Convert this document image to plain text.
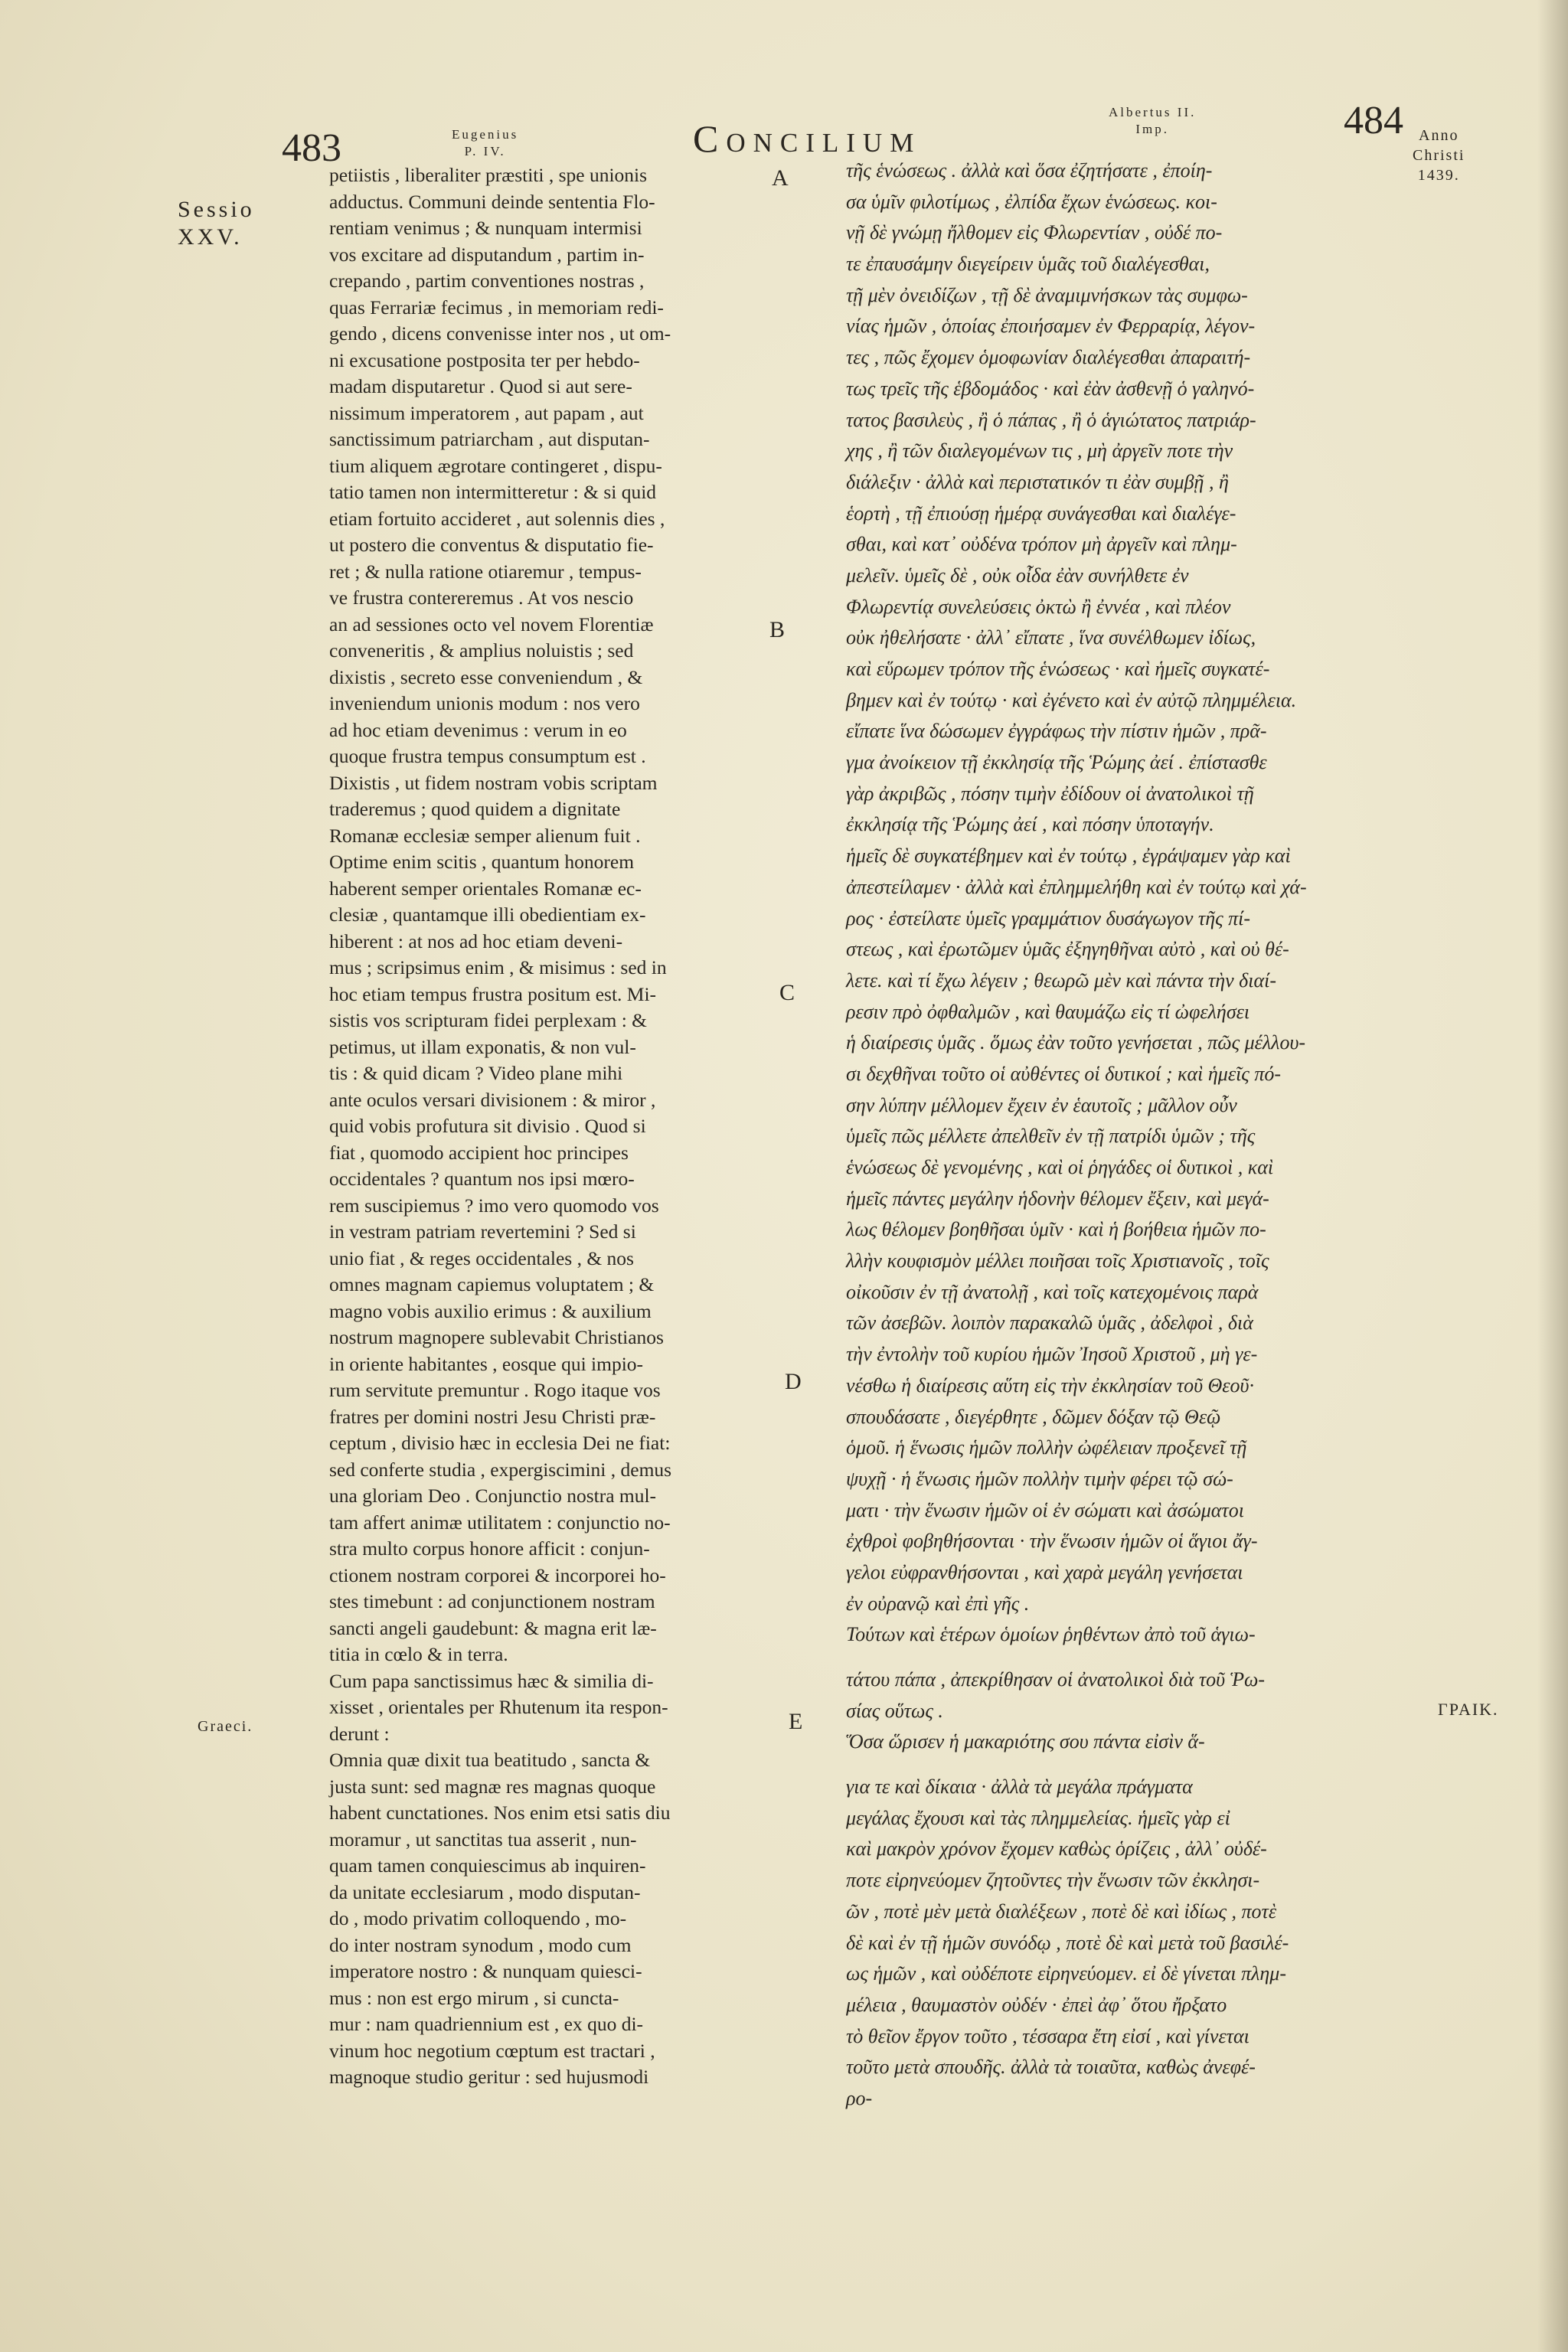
483	Eugenius
P. IV.	Concilium
Albertus II.
Imp.	484
Sessio
XXV.
Anno
Christi
1439.
Graeci.
ΓΡΑΙΚ.
A
B
C
D
E

petiistis , liberaliter præstiti , spe unionis

adductus. Communi deinde sententia Flo-

rentiam venimus ; & nunquam intermisi

vos excitare ad disputandum , partim in-

crepando , partim conventiones nostras ,

quas Ferrariæ fecimus , in memoriam redi-

gendo , dicens convenisse inter nos , ut om-

ni excusatione postposita ter per hebdo-

madam disputaretur . Quod si aut sere-

nissimum imperatorem , aut papam , aut

sanctissimum patriarcham , aut disputan-

tium aliquem ægrotare contingeret , dispu-

tatio tamen non intermitteretur : & si quid

etiam fortuito accideret , aut solennis dies ,

ut postero die conventus & disputatio fie-

ret ; & nulla ratione otiaremur , tempus-

ve frustra contereremus . At vos nescio

an ad sessiones octo vel novem Florentiæ

conveneritis , & amplius noluistis ; sed

dixistis , secreto esse conveniendum , &

inveniendum unionis modum : nos vero

ad hoc etiam devenimus : verum in eo

quoque frustra tempus consumptum est .

Dixistis , ut fidem nostram vobis scriptam

traderemus ; quod quidem a dignitate

Romanæ ecclesiæ semper alienum fuit .

Optime enim scitis , quantum honorem

haberent semper orientales Romanæ ec-

clesiæ , quantamque illi obedientiam ex-

hiberent : at nos ad hoc etiam deveni-

mus ; scripsimus enim , & misimus : sed in

hoc etiam tempus frustra positum est. Mi-

sistis vos scripturam fidei perplexam : &

petimus, ut illam exponatis, & non vul-

tis : & quid dicam ? Video plane mihi

ante oculos versari divisionem : & miror ,

quid vobis profutura sit divisio . Quod si

fiat , quomodo accipient hoc principes

occidentales ? quantum nos ipsi mœro-

rem suscipiemus ? imo vero quomodo vos

in vestram patriam revertemini ? Sed si

unio fiat , & reges occidentales , & nos

omnes magnam capiemus voluptatem ; &

magno vobis auxilio erimus : & auxilium

nostrum magnopere sublevabit Christianos

in oriente habitantes , eosque qui impio-

rum servitute premuntur . Rogo itaque vos

fratres per domini nostri Jesu Christi præ-

ceptum , divisio hæc in ecclesia Dei ne fiat:

sed conferte studia , expergiscimini , demus

una gloriam Deo . Conjunctio nostra mul-

tam affert animæ utilitatem : conjunctio no-

stra multo corpus honore afficit : conjun-

ctionem nostram corporei & incorporei ho-

stes timebunt : ad conjunctionem nostram

sancti angeli gaudebunt: & magna erit læ-

titia in cœlo & in terra.

Cum papa sanctissimus hæc & similia di-

xisset , orientales per Rhutenum ita respon-

derunt :

Omnia quæ dixit tua beatitudo , sancta &

justa sunt: sed magnæ res magnas quoque

habent cunctationes. Nos enim etsi satis diu

moramur , ut sanctitas tua asserit , nun-

quam tamen conquiescimus ab inquiren-

da unitate ecclesiarum , modo disputan-

do , modo privatim colloquendo , mo-

do inter nostram synodum , modo cum

imperatore nostro : & nunquam quiesci-

mus : non est ergo mirum , si cuncta-

mur : nam quadriennium est , ex quo di-

vinum hoc negotium cœptum est tractari ,

magnoque studio geritur : sed hujusmodi

τῆς ἑνώσεως . ἀλλὰ καὶ ὅσα ἐζητήσατε , ἐποίη-

σα ὑμῖν φιλοτίμως , ἐλπίδα ἔχων ἑνώσεως. κοι-

νῇ δὲ γνώμῃ ἤλθομεν εἰς Φλωρεντίαν , οὐδέ πο-

τε ἐπαυσάμην διεγείρειν ὑμᾶς τοῦ διαλέγεσθαι,

τῇ μὲν ὀνειδίζων , τῇ δὲ ἀναμιμνήσκων τὰς συμφω-

νίας ἡμῶν , ὁποίας ἐποιήσαμεν ἐν Φερραρίᾳ, λέγον-

τες , πῶς ἔχομεν ὁμοφωνίαν διαλέγεσθαι ἀπαραιτή-

τως τρεῖς τῆς ἑβδομάδος · καὶ ἐὰν ἀσθενῇ ὁ γαληνό-

τατος βασιλεὺς , ἢ ὁ πάπας , ἢ ὁ ἁγιώτατος πατριάρ-

χης , ἢ τῶν διαλεγομένων τις , μὴ ἀργεῖν ποτε τὴν

διάλεξιν · ἀλλὰ καὶ περιστατικόν τι ἐὰν συμβῇ , ἢ

ἑορτὴ , τῇ ἐπιούσῃ ἡμέρᾳ συνάγεσθαι καὶ διαλέγε-

σθαι, καὶ κατ᾽ οὐδένα τρόπον μὴ ἀργεῖν καὶ πλημ-

μελεῖν. ὑμεῖς δὲ , οὐκ οἶδα ἐὰν συνήλθετε ἐν

Φλωρεντίᾳ συνελεύσεις ὀκτὼ ἢ ἐννέα , καὶ πλέον

οὐκ ἠθελήσατε · ἀλλ᾽ εἴπατε , ἵνα συνέλθωμεν ἰδίως,

καὶ εὕρωμεν τρόπον τῆς ἑνώσεως · καὶ ἡμεῖς συγκατέ-

βημεν καὶ ἐν τούτῳ · καὶ ἐγένετο καὶ ἐν αὐτῷ πλημμέλεια.

εἴπατε ἵνα δώσωμεν ἐγγράφως τὴν πίστιν ἡμῶν , πρᾶ-

γμα ἀνοίκειον τῇ ἐκκλησίᾳ τῆς Ῥώμης ἀεί . ἐπίστασθε

γὰρ ἀκριβῶς , πόσην τιμὴν ἐδίδουν οἱ ἀνατολικοὶ τῇ

ἐκκλησίᾳ τῆς Ῥώμης ἀεί , καὶ πόσην ὑποταγήν.

ἡμεῖς δὲ συγκατέβημεν καὶ ἐν τούτῳ , ἐγράψαμεν γὰρ καὶ

ἀπεστείλαμεν · ἀλλὰ καὶ ἐπλημμελήθη καὶ ἐν τούτῳ καὶ χά-

ρος · ἐστείλατε ὑμεῖς γραμμάτιον δυσάγωγον τῆς πί-

στεως , καὶ ἐρωτῶμεν ὑμᾶς ἐξηγηθῆναι αὐτὸ , καὶ οὐ θέ-

λετε. καὶ τί ἔχω λέγειν ; θεωρῶ μὲν καὶ πάντα τὴν διαί-

ρεσιν πρὸ ὀφθαλμῶν , καὶ θαυμάζω εἰς τί ὠφελήσει

ἡ διαίρεσις ὑμᾶς . ὅμως ἐὰν τοῦτο γενήσεται , πῶς μέλλου-

σι δεχθῆναι τοῦτο οἱ αὐθέντες οἱ δυτικοί ; καὶ ἡμεῖς πό-

σην λύπην μέλλομεν ἔχειν ἐν ἑαυτοῖς ; μᾶλλον οὖν

ὑμεῖς πῶς μέλλετε ἀπελθεῖν ἐν τῇ πατρίδι ὑμῶν ; τῆς

ἑνώσεως δὲ γενομένης , καὶ οἱ ῥηγάδες οἱ δυτικοὶ , καὶ

ἡμεῖς πάντες μεγάλην ἡδονὴν θέλομεν ἔξειν, καὶ μεγά-

λως θέλομεν βοηθῆσαι ὑμῖν · καὶ ἡ βοήθεια ἡμῶν πο-

λλὴν κουφισμὸν μέλλει ποιῆσαι τοῖς Χριστιανοῖς , τοῖς

οἰκοῦσιν ἐν τῇ ἀνατολῇ , καὶ τοῖς κατεχομένοις παρὰ

τῶν ἀσεβῶν. λοιπὸν παρακαλῶ ὑμᾶς , ἀδελφοὶ , διὰ

τὴν ἐντολὴν τοῦ κυρίου ἡμῶν Ἰησοῦ Χριστοῦ , μὴ γε-

νέσθω ἡ διαίρεσις αὕτη εἰς τὴν ἐκκλησίαν τοῦ Θεοῦ·

σπουδάσατε , διεγέρθητε , δῶμεν δόξαν τῷ Θεῷ

ὁμοῦ. ἡ ἕνωσις ἡμῶν πολλὴν ὠφέλειαν προξενεῖ τῇ

ψυχῇ · ἡ ἕνωσις ἡμῶν πολλὴν τιμὴν φέρει τῷ σώ-

ματι · τὴν ἕνωσιν ἡμῶν οἱ ἐν σώματι καὶ ἀσώματοι

ἐχθροὶ φοβηθήσονται · τὴν ἕνωσιν ἡμῶν οἱ ἅγιοι ἄγ-

γελοι εὐφρανθήσονται , καὶ χαρὰ μεγάλη γενήσεται

ἐν οὐρανῷ καὶ ἐπὶ γῆς .

Τούτων καὶ ἑτέρων ὁμοίων ῥηθέντων ἀπὸ τοῦ ἁγιω-

τάτου πάπα , ἀπεκρίθησαν οἱ ἀνατολικοὶ διὰ τοῦ Ῥω-

σίας οὕτως .

Ὅσα ὥρισεν ἡ μακαριότης σου πάντα εἰσὶν ἅ-

για τε καὶ δίκαια · ἀλλὰ τὰ μεγάλα πράγματα

μεγάλας ἔχουσι καὶ τὰς πλημμελείας. ἡμεῖς γὰρ εἰ

καὶ μακρὸν χρόνον ἔχομεν καθὼς ὁρίζεις , ἀλλ᾽ οὐδέ-

ποτε εἰρηνεύομεν ζητοῦντες τὴν ἕνωσιν τῶν ἐκκλησι-

ῶν , ποτὲ μὲν μετὰ διαλέξεων , ποτὲ δὲ καὶ ἰδίως , ποτὲ

δὲ καὶ ἐν τῇ ἡμῶν συνόδῳ , ποτὲ δὲ καὶ μετὰ τοῦ βασιλέ-

ως ἡμῶν , καὶ οὐδέποτε εἰρηνεύομεν. εἰ δὲ γίνεται πλημ-

μέλεια , θαυμαστὸν οὐδέν · ἐπεὶ ἀφ᾽ ὅτου ἤρξατο

τὸ θεῖον ἔργον τοῦτο , τέσσαρα ἔτη εἰσί , καὶ γίνεται

τοῦτο μετὰ σπουδῆς. ἀλλὰ τὰ τοιαῦτα, καθὼς ἀνεφέ-

ρο-
